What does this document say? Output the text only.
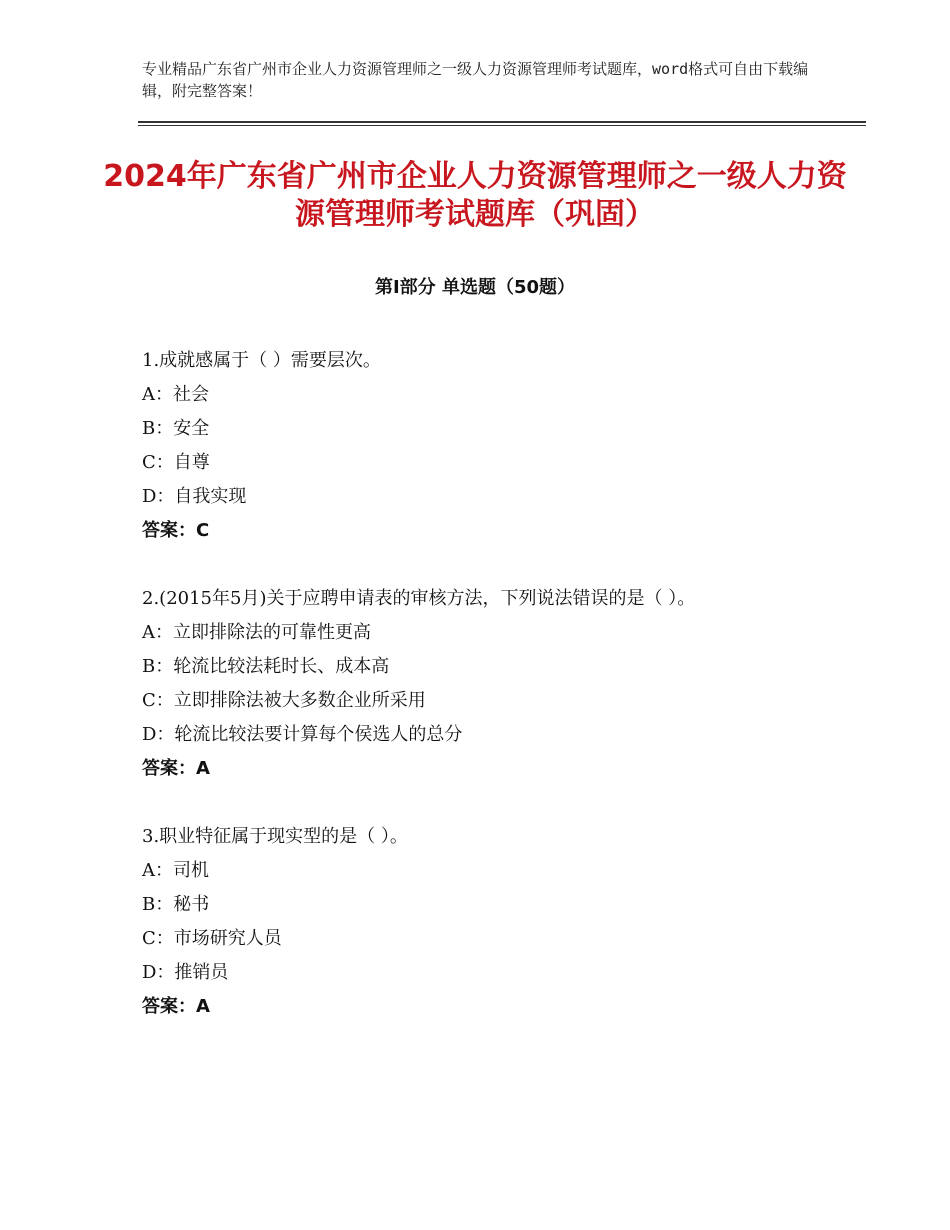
专业精品广东省广州市企业人力资源管理师之一级人力资源管理师考试题库，word格式可自由下载编辑，附完整答案！
2024年广东省广州市企业人力资源管理师之一级人力资源管理师考试题库（巩固）
第Ⅰ部分 单选题（50题）
1.成就感属于（ ）需要层次。
A：社会
B：安全
C：自尊
D：自我实现
答案：C
2.(2015年5月)关于应聘申请表的审核方法，下列说法错误的是（ ）。
A：立即排除法的可靠性更高
B：轮流比较法耗时长、成本高
C：立即排除法被大多数企业所采用
D：轮流比较法要计算每个侯选人的总分
答案：A
3.职业特征属于现实型的是（ ）。
A：司机
B：秘书
C：市场研究人员
D：推销员
答案：A
